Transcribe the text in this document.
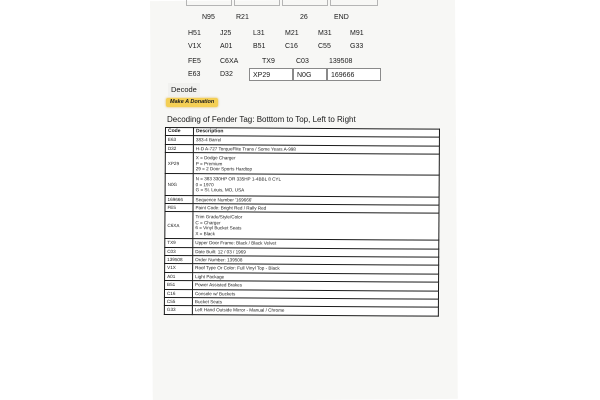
N95	R21	26	END
H51	J25	L31	M21	M31	M91
V1X	A01	B51	C16	C55	G33
FE5	C6XA	TX9	C03	139508
E63	D32	XP29	N0G	169666
Decode
Make A Donation
Decoding of Fender Tag: Botttom to Top, Left to Right
Code	Description
E63	383-4 Barrel

D32	H-D A-727 TorqueFlite Trans / Some Years A-998

XP29	X = Dodge Charger
P = Premium
29 = 2 Door Sports Hardtop

N0G	N = 383 330HP OR 335HP 1-4BBL 8 CYL
0 = 1970
G = St. Louis, MO, USA

169666	Sequence Number '169666'

FE5	Paint Code: Bright Red / Rally Red

C6XA	Trim Grade/Style/Color
C = Charger
6 = Vinyl Bucket Seats
X = Black

TX9	Upper Door Frame: Black / Black Velvet

C03	Date Built: 12 / 03 / 1969

139508	Order Number: 139508

V1X	Roof Type Or Color: Full Vinyl Top - Black

A01	Light Package

B51	Power Assisted Brakes

C16	Console w/ Buckets

C55	Bucket Seats

G33	Left Hand Outside Mirror - Manual / Chrome
